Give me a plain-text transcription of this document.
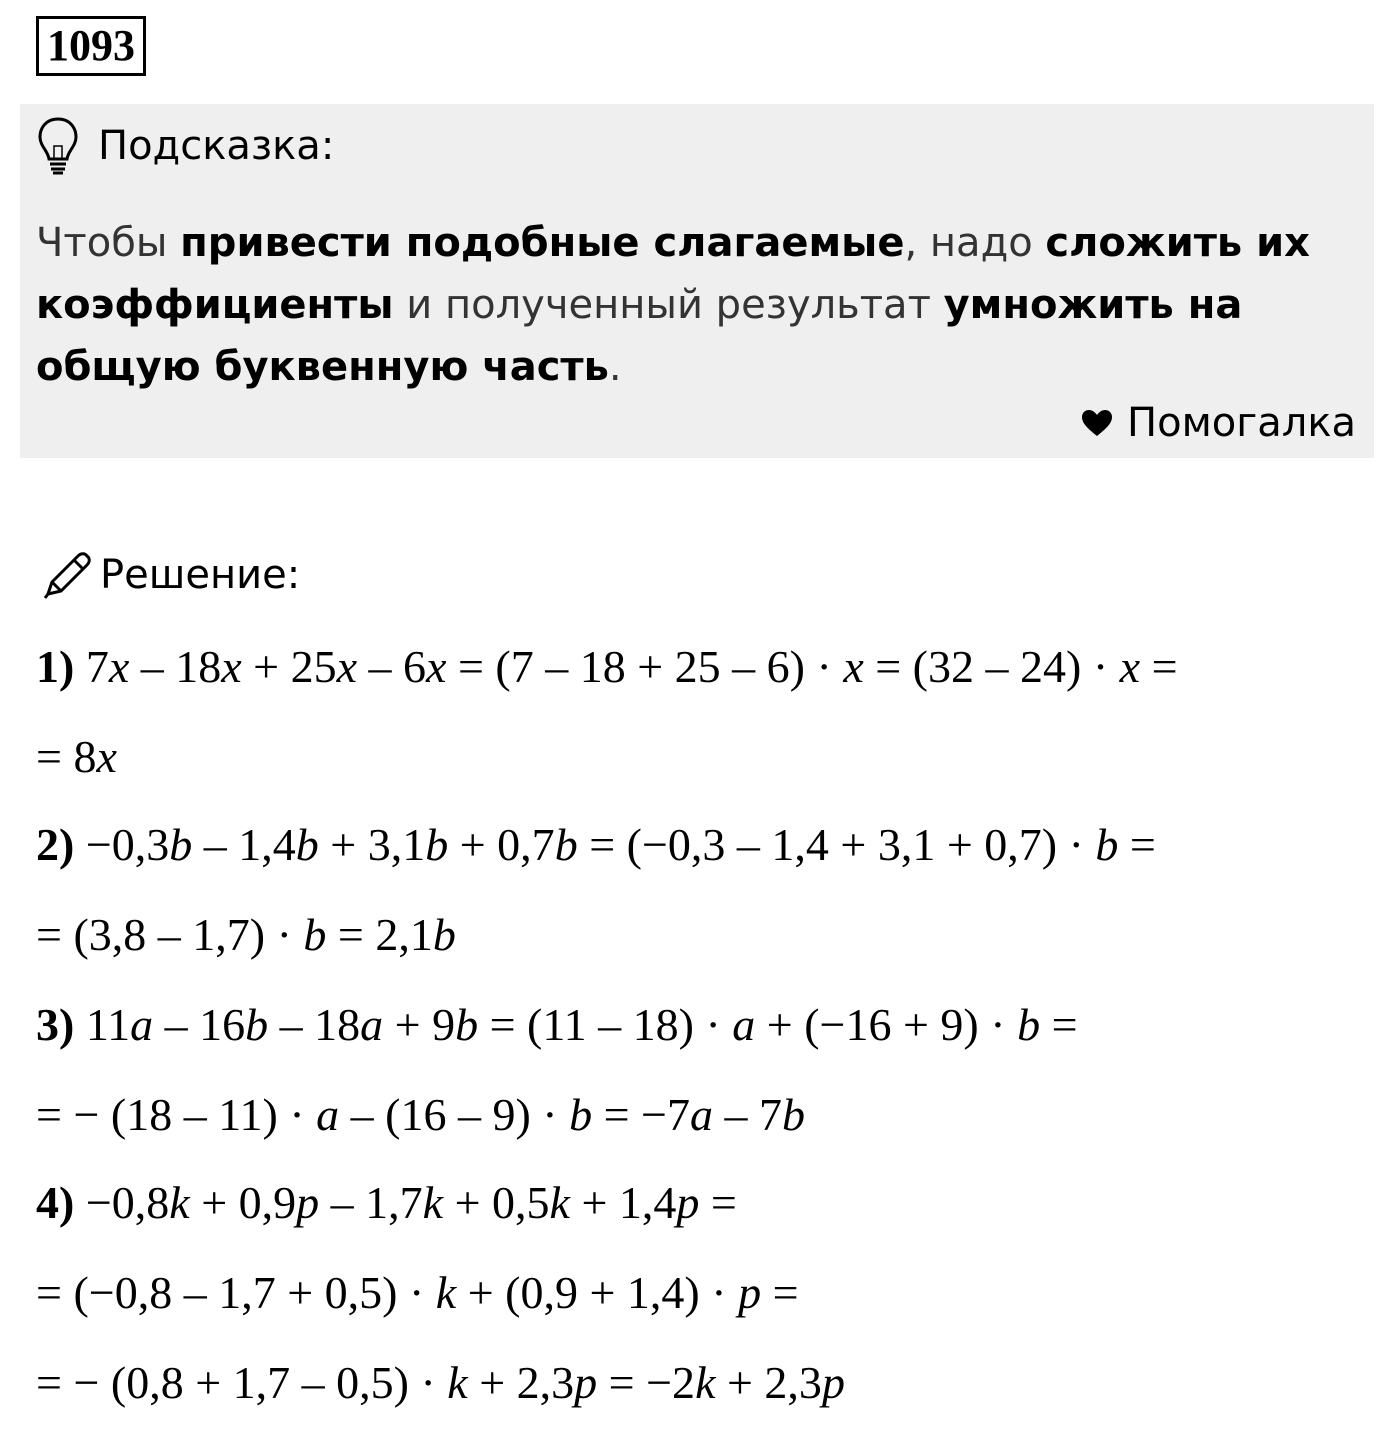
1093
Подсказка:
Чтобы привести подобные слагаемые, надо сложить их коэффициенты и полученный результат умножить на общую буквенную часть.
Помогалка
Решение:
1) 7x – 18x + 25x – 6x = (7 – 18 + 25 – 6) · x = (32 – 24) · x =
= 8x
2) −0,3b – 1,4b + 3,1b + 0,7b = (−0,3 – 1,4 + 3,1 + 0,7) · b =
= (3,8 – 1,7) · b = 2,1b
3) 11a – 16b – 18a + 9b = (11 – 18) · a + (−16 + 9) · b =
= − (18 – 11) · a – (16 – 9) · b = −7a – 7b
4) −0,8k + 0,9p – 1,7k + 0,5k + 1,4p =
= (−0,8 – 1,7 + 0,5) · k + (0,9 + 1,4) · p =
= − (0,8 + 1,7 – 0,5) · k + 2,3p = −2k + 2,3p
